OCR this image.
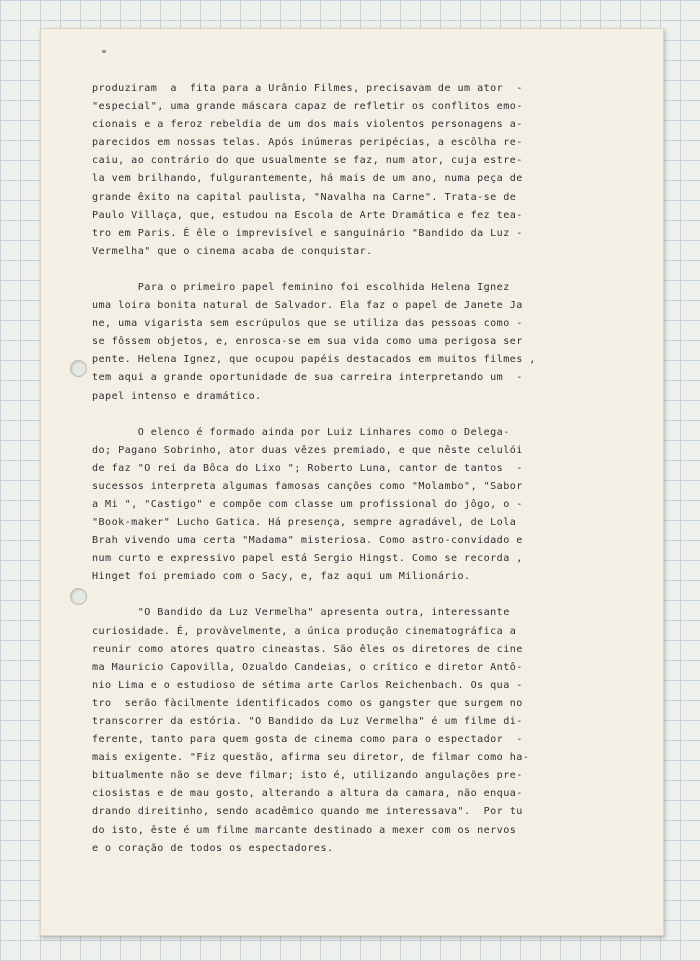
produziram  a  fita para a Urânio Filmes, precisavam de um ator  -
"especial", uma grande máscara capaz de refletir os conflitos emo-
cionais e a feroz rebeldia de um dos mais violentos personagens a-
parecidos em nossas telas. Após inúmeras peripécias, a escôlha re-
caiu, ao contrário do que usualmente se faz, num ator, cuja estre-
la vem brilhando, fulgurantemente, há mais de um ano, numa peça de
grande êxito na capital paulista, "Navalha na Carne". Trata-se de
Paulo Villaça, que, estudou na Escola de Arte Dramática e fez tea-
tro em Paris. É êle o imprevisível e sanguinário "Bandido da Luz -
Vermelha" que o cinema acaba de conquistar.

Para o primeiro papel feminino foi escolhida Helena Ignez
uma loira bonita natural de Salvador. Ela faz o papel de Janete Ja
ne, uma vigarista sem escrúpulos que se utiliza das pessoas como -
se fôssem objetos, e, enrosca-se em sua vida como uma perigosa ser
pente. Helena Ignez, que ocupou papéis destacados em muitos filmes ,
tem aqui a grande oportunidade de sua carreira interpretando um  -
papel intenso e dramático.

O elenco é formado ainda por Luiz Linhares como o Delega-
do; Pagano Sobrinho, ator duas vêzes premiado, e que nêste celulói
de faz "O rei da Bôca do Lixo "; Roberto Luna, cantor de tantos  -
sucessos interpreta algumas famosas canções como "Molambo", "Sabor
a Mi ", "Castigo" e compõe com classe um profissional do jôgo, o -
"Book-maker" Lucho Gatica. Há presença, sempre agradável, de Lola
Brah vivendo uma certa "Madama" misteriosa. Como astro-convidado e
num curto e expressivo papel está Sergio Hingst. Como se recorda ,
Hinget foi premiado com o Sacy, e, faz aqui um Milionário.

"O Bandido da Luz Vermelha" apresenta outra, interessante
curiosidade. É, provàvelmente, a única produção cinematográfica a
reunir como atores quatro cineastas. São êles os diretores de cine
ma Mauricio Capovilla, Ozualdo Candeias, o crítico e diretor Antô-
nio Lima e o estudioso de sétima arte Carlos Reichenbach. Os qua -
tro  serão fàcilmente identificados como os gangster que surgem no
transcorrer da estória. "O Bandido da Luz Vermelha" é um filme di-
ferente, tanto para quem gosta de cinema como para o espectador  -
mais exigente. "Fiz questão, afirma seu diretor, de filmar como ha-
bitualmente não se deve filmar; isto é, utilizando angulações pre-
ciosistas e de mau gosto, alterando a altura da camara, não enqua-
drando direitinho, sendo acadêmico quando me interessava".  Por tu
do isto, êste é um filme marcante destinado a mexer com os nervos
e o coração de todos os espectadores.
